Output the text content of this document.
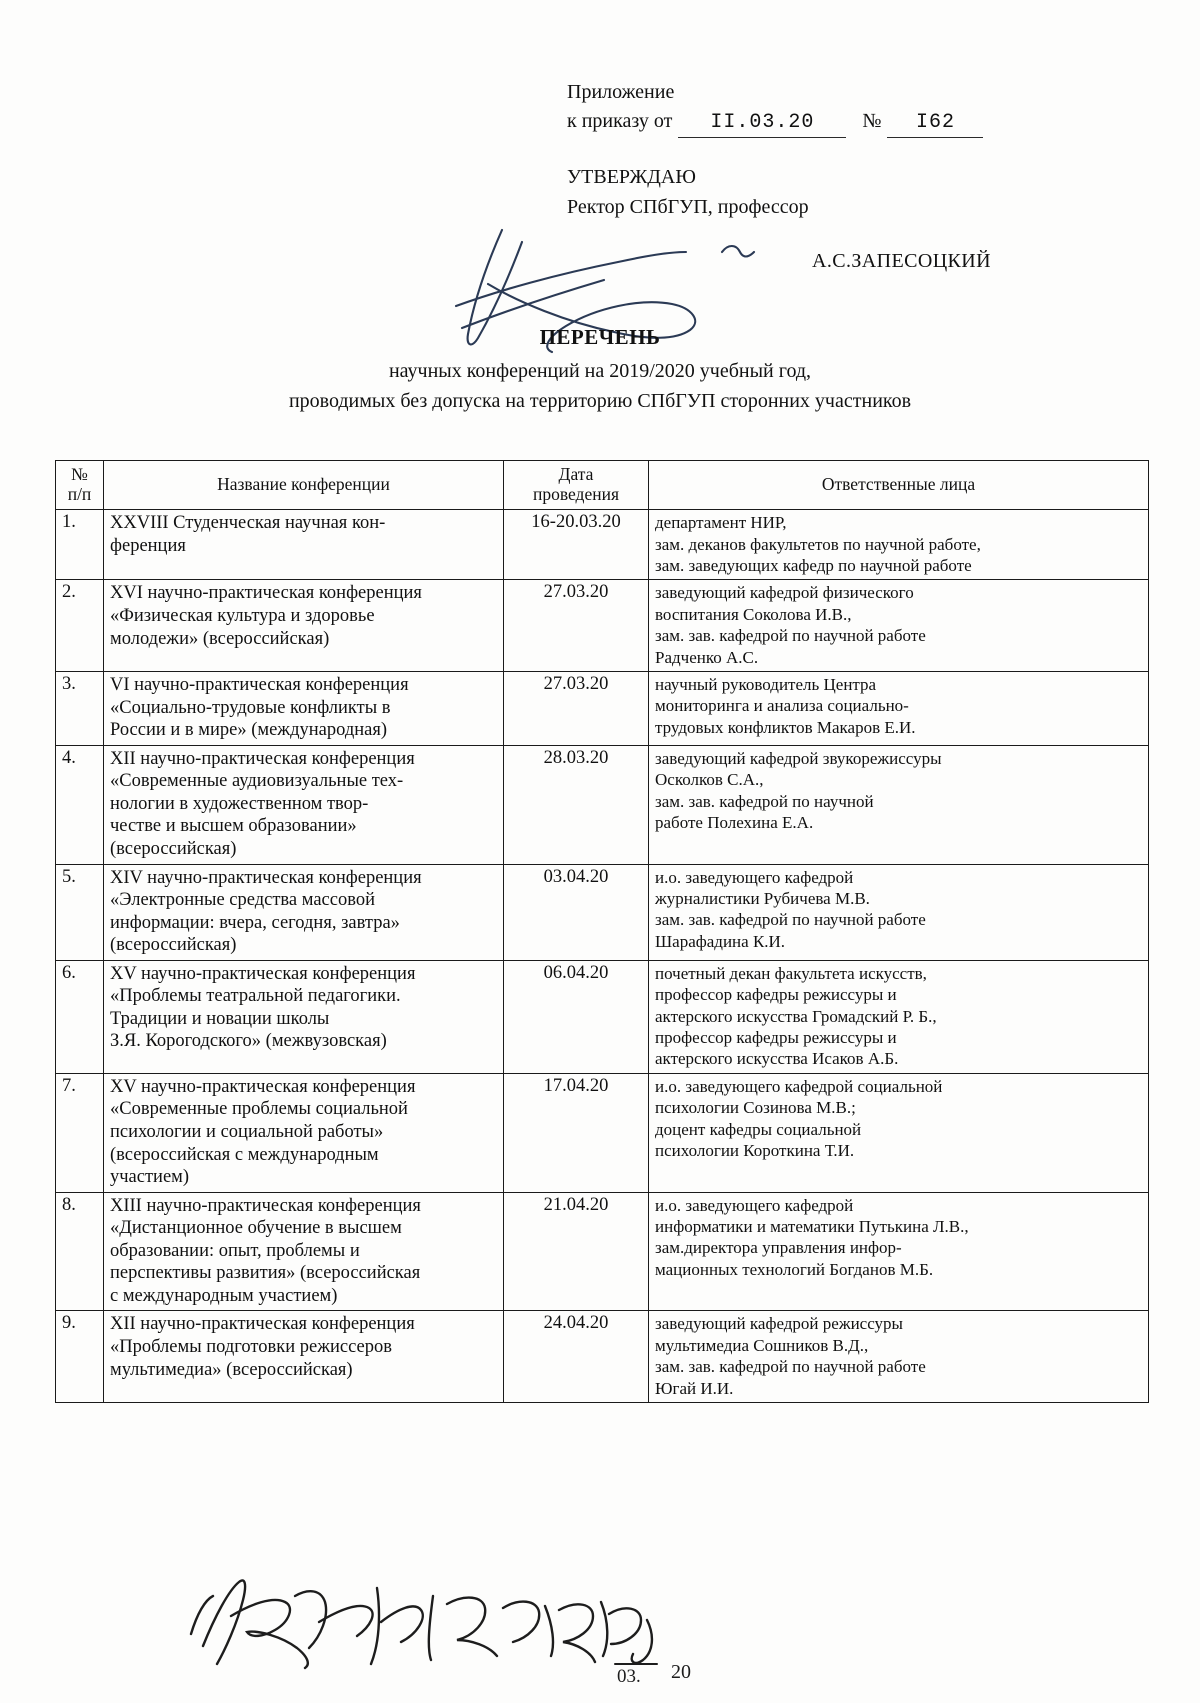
Приложение
к приказу от	II.03.20	№	I62
УТВЕРЖДАЮ
Ректор СПбГУП, профессор
А.С.ЗАПЕСОЦКИЙ
ПЕРЕЧЕНЬ
научных конференций на 2019/2020 учебный год,
проводимых без допуска на территорию СПбГУП сторонних участников
№
п/п	Название конференции	Дата
проведения	Ответственные лица

1.	XXVIII Студенческая научная кон-
ференция
	16-20.03.20	департамент НИР,
зам. деканов факультетов по научной работе,
зам. заведующих кафедр по научной работе

2.	XVI научно-практическая конференция
«Физическая культура и здоровье
молодежи» (всероссийская)
	27.03.20	заведующий кафедрой физического
воспитания Соколова И.В.,
зам. зав. кафедрой по научной работе
Радченко А.С.

3.	VI научно-практическая конференция
«Социально-трудовые конфликты в
России и в мире» (международная)
	27.03.20	научный руководитель Центра
мониторинга и анализа социально-
трудовых конфликтов Макаров Е.И.

4.	XII научно-практическая конференция
«Современные аудиовизуальные тех-
нологии в художественном твор-
честве и высшем образовании»
(всероссийская)
	28.03.20	заведующий кафедрой звукорежиссуры
Осколков С.А.,
зам. зав. кафедрой по научной
работе Полехина Е.А.

5.	XIV научно-практическая конференция
«Электронные средства массовой
информации: вчера, сегодня, завтра»
(всероссийская)
	03.04.20	и.о. заведующего кафедрой
журналистики Рубичева М.В.
зам. зав. кафедрой по научной работе
Шарафадина К.И.

6.	XV научно-практическая конференция
«Проблемы театральной педагогики.
Традиции и новации школы
З.Я. Корогодского» (межвузовская)
	06.04.20	почетный декан факультета искусств,
профессор кафедры режиссуры и
актерского искусства Громадский Р. Б.,
профессор кафедры режиссуры и
актерского искусства Исаков А.Б.

7.	XV научно-практическая конференция
«Современные проблемы социальной
психологии и социальной работы»
(всероссийская с международным
участием)
	17.04.20	и.о. заведующего кафедрой социальной
психологии Созинова М.В.;
доцент кафедры социальной
психологии Короткина Т.И.

8.	XIII научно-практическая конференция
«Дистанционное обучение в высшем
образовании: опыт, проблемы и
перспективы развития» (всероссийская
с международным участием)
	21.04.20	и.о. заведующего кафедрой
информатики и математики Путькина Л.В.,
зам.директора управления инфор-
мационных технологий Богданов М.Б.

9.	XII научно-практическая конференция
«Проблемы подготовки режиссеров
мультимедиа» (всероссийская)
	24.04.20	заведующий кафедрой режиссуры
мультимедиа Сошников В.Д.,
зам. зав. кафедрой по научной работе
Югай И.И.
03. 20
